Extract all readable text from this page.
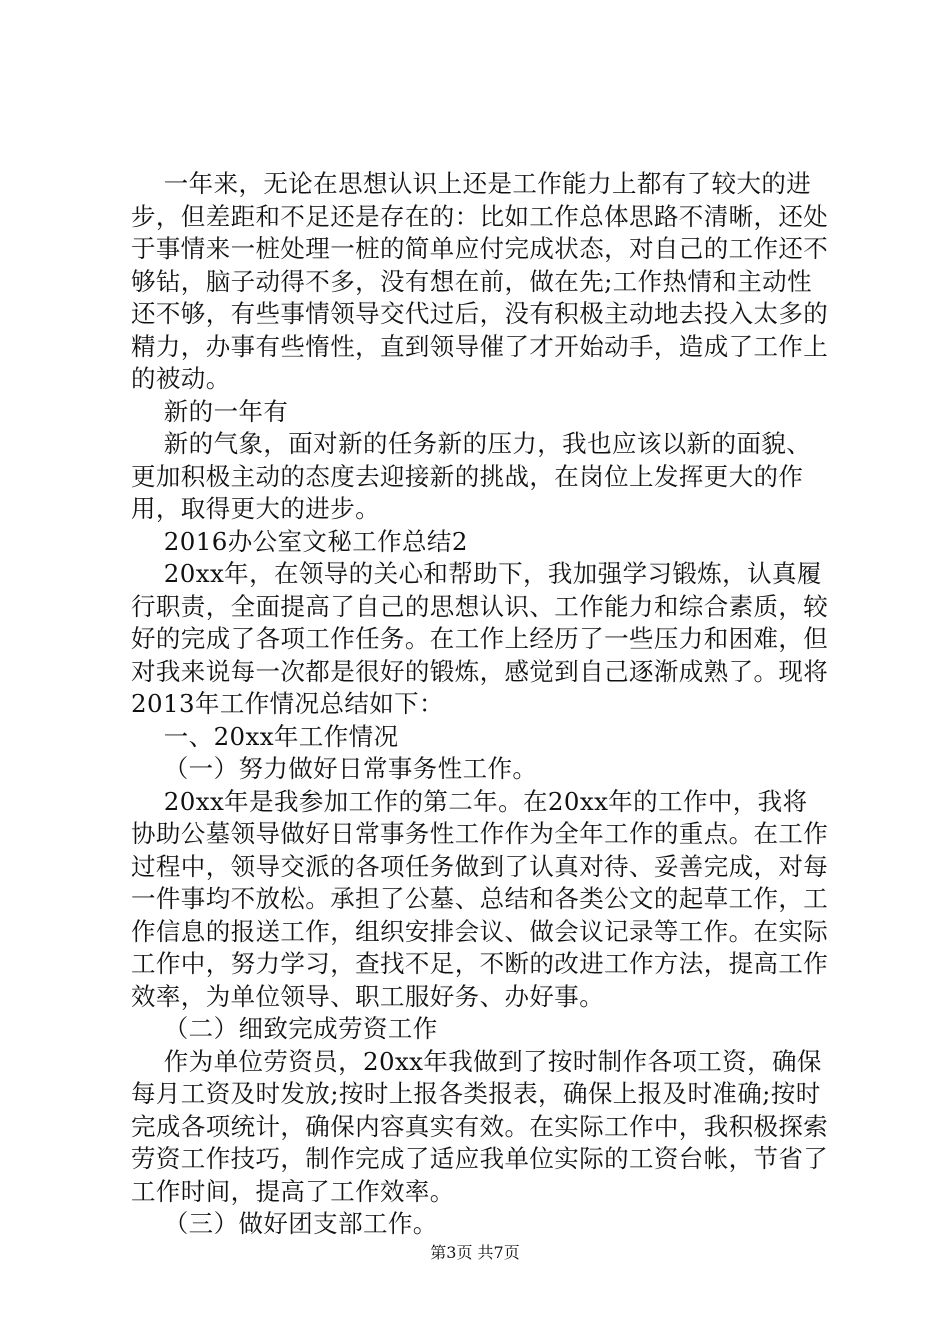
一年来，无论在思想认识上还是工作能力上都有了较大的进步，但差距和不足还是存在的：比如工作总体思路不清晰，还处于事情来一桩处理一桩的简单应付完成状态，对自己的工作还不够钻，脑子动得不多，没有想在前，做在先;工作热情和主动性还不够，有些事情领导交代过后，没有积极主动地去投入太多的精力，办事有些惰性，直到领导催了才开始动手，造成了工作上的被动。

新的一年有

新的气象，面对新的任务新的压力，我也应该以新的面貌、更加积极主动的态度去迎接新的挑战，在岗位上发挥更大的作用，取得更大的进步。

2016办公室文秘工作总结2

20xx年，在领导的关心和帮助下，我加强学习锻炼，认真履行职责，全面提高了自己的思想认识、工作能力和综合素质，较好的完成了各项工作任务。在工作上经历了一些压力和困难，但对我来说每一次都是很好的锻炼，感觉到自己逐渐成熟了。现将2013年工作情况总结如下：

一、20xx年工作情况

（一）努力做好日常事务性工作。

20xx年是我参加工作的第二年。在20xx年的工作中，我将协助公墓领导做好日常事务性工作作为全年工作的重点。在工作过程中，领导交派的各项任务做到了认真对待、妥善完成，对每一件事均不放松。承担了公墓、总结和各类公文的起草工作，工作信息的报送工作，组织安排会议、做会议记录等工作。在实际工作中，努力学习，查找不足，不断的改进工作方法，提高工作效率，为单位领导、职工服好务、办好事。

（二）细致完成劳资工作

作为单位劳资员，20xx年我做到了按时制作各项工资，确保每月工资及时发放;按时上报各类报表，确保上报及时准确;按时完成各项统计，确保内容真实有效。在实际工作中，我积极探索劳资工作技巧，制作完成了适应我单位实际的工资台帐，节省了工作时间，提高了工作效率。

（三）做好团支部工作。

第3页 共7页
